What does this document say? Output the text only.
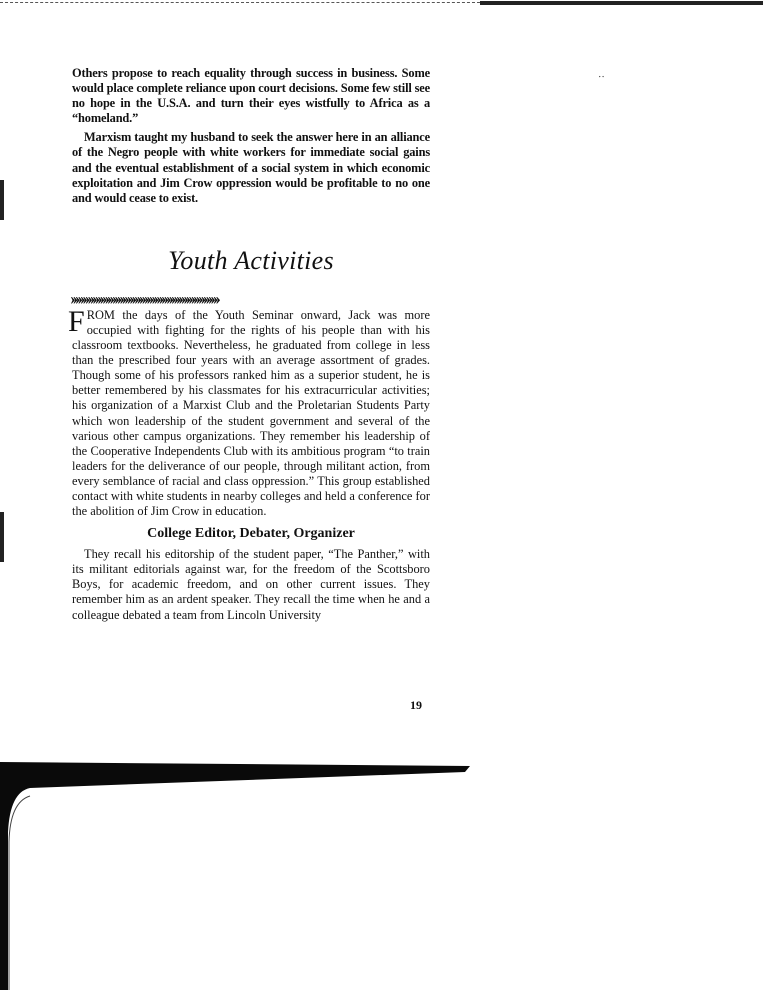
⋅⋅

Others propose to reach equality through success in business. Some would place complete reliance upon court decisions. Some few still see no hope in the U.S.A. and turn their eyes wistfully to Africa as a “homeland.”

Marxism taught my husband to seek the answer here in an alliance of the Negro people with white workers for immediate social gains and the eventual establishment of a social system in which economic exploitation and Jim Crow oppression would be profitable to no one and would cease to exist.

Youth Activities
››››››››››››››››››››››››››››››››››››››››››››››››››››››››››››

FROM the days of the Youth Seminar onward, Jack was more occupied with fighting for the rights of his people than with his classroom textbooks. Nevertheless, he graduated from college in less than the prescribed four years with an average assortment of grades. Though some of his professors ranked him as a superior student, he is better remembered by his classmates for his extracurricular activities; his organization of a Marxist Club and the Proletarian Students Party which won leadership of the student government and several of the various other campus organizations. They remember his leadership of the Cooperative Independents Club with its ambitious program “to train leaders for the deliverance of our people, through militant action, from every semblance of racial and class oppression.” This group established contact with white students in nearby colleges and held a conference for the abolition of Jim Crow in education.

College Editor, Debater, Organizer

They recall his editorship of the student paper, “The Panther,” with its militant editorials against war, for the freedom of the Scottsboro Boys, for academic freedom, and on other current issues. They remember him as an ardent speaker. They recall the time when he and a colleague debated a team from Lincoln University

19
